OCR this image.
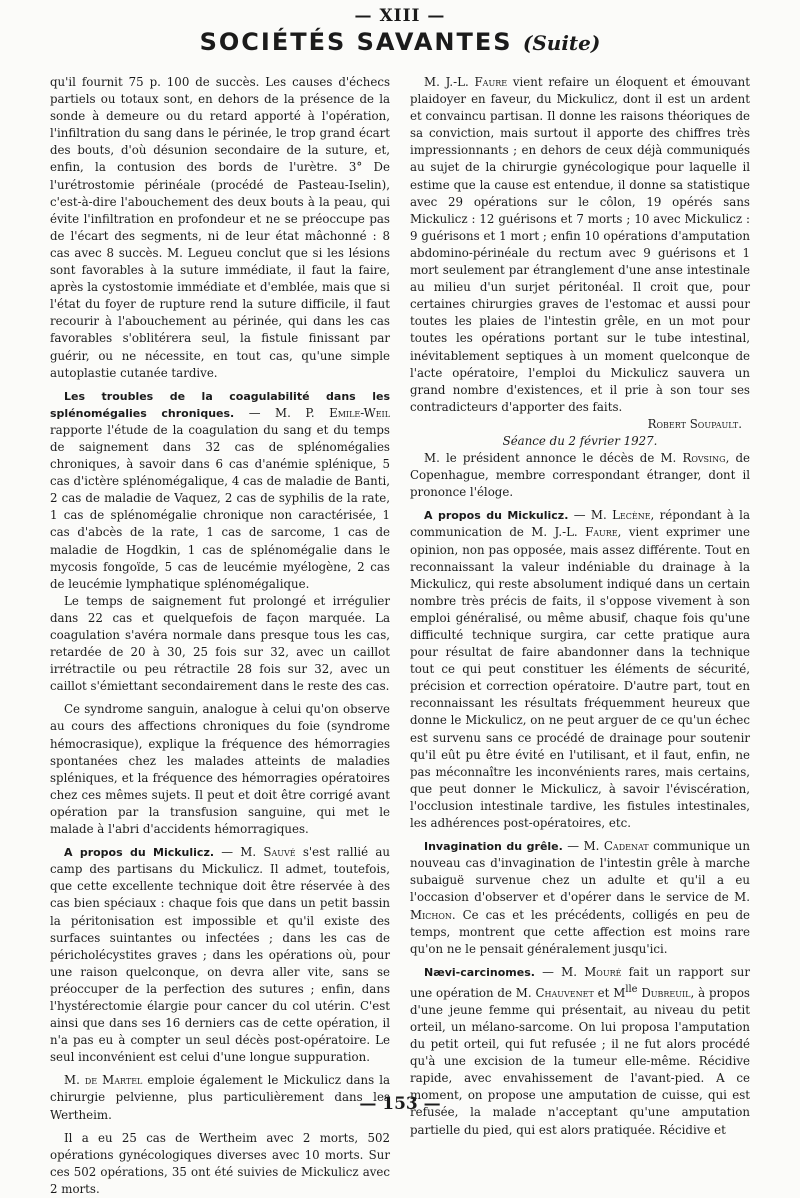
— XIII —
SOCIÉTÉS SAVANTES (Suite)

qu'il fournit 75 p. 100 de succès. Les causes d'échecs partiels ou totaux sont, en dehors de la présence de la sonde à demeure ou du retard apporté à l'opération, l'infiltration du sang dans le périnée, le trop grand écart des bouts, d'où désunion secondaire de la suture, et, enfin, la contusion des bords de l'urètre. 3° De l'urétrostomie périnéale (procédé de Pasteau-Iselin), c'est-à-dire l'abouchement des deux bouts à la peau, qui évite l'infiltration en profondeur et ne se préoccupe pas de l'écart des segments, ni de leur état mâchonné : 8 cas avec 8 succès. M. Legueu conclut que si les lésions sont favorables à la suture immédiate, il faut la faire, après la cystostomie immédiate et d'emblée, mais que si l'état du foyer de rupture rend la suture difficile, il faut recourir à l'abouchement au périnée, qui dans les cas favorables s'oblitérera seul, la fistule finissant par guérir, ou ne nécessite, en tout cas, qu'une simple autoplastie cutanée tardive.

Les troubles de la coagulabilité dans les splénomégalies chroniques. — M. P. Emile-Weil rapporte l'étude de la coagulation du sang et du temps de saignement dans 32 cas de splénomégalies chroniques, à savoir dans 6 cas d'anémie splénique, 5 cas d'ictère splénomégalique, 4 cas de maladie de Banti, 2 cas de maladie de Vaquez, 2 cas de syphilis de la rate, 1 cas de splénomégalie chronique non caractérisée, 1 cas d'abcès de la rate, 1 cas de sarcome, 1 cas de maladie de Hogdkin, 1 cas de splénomégalie dans le mycosis fongoïde, 5 cas de leucémie myélogène, 2 cas de leucémie lymphatique splénomégalique.

Le temps de saignement fut prolongé et irrégulier dans 22 cas et quelquefois de façon marquée. La coagulation s'avéra normale dans presque tous les cas, retardée de 20 à 30, 25 fois sur 32, avec un caillot irrétractile ou peu rétractile 28 fois sur 32, avec un caillot s'émiettant secondairement dans le reste des cas.

Ce syndrome sanguin, analogue à celui qu'on observe au cours des affections chroniques du foie (syndrome hémocrasique), explique la fréquence des hémorragies spontanées chez les malades atteints de maladies spléniques, et la fréquence des hémorragies opératoires chez ces mêmes sujets. Il peut et doit être corrigé avant opération par la transfusion sanguine, qui met le malade à l'abri d'accidents hémorragiques.

A propos du Mickulicz. — M. Sauvé s'est rallié au camp des partisans du Mickulicz. Il admet, toutefois, que cette excellente technique doit être réservée à des cas bien spéciaux : chaque fois que dans un petit bassin la péritonisation est impossible et qu'il existe des surfaces suintantes ou infectées ; dans les cas de péricholécystites graves ; dans les opérations où, pour une raison quelconque, on devra aller vite, sans se préoccuper de la perfection des sutures ; enfin, dans l'hystérectomie élargie pour cancer du col utérin. C'est ainsi que dans ses 16 derniers cas de cette opération, il n'a pas eu à compter un seul décès post-opératoire. Le seul inconvénient est celui d'une longue suppuration.

M. de Martel emploie également le Mickulicz dans la chirurgie pelvienne, plus particulièrement dans les Wertheim.

Il a eu 25 cas de Wertheim avec 2 morts, 502 opérations gynécologiques diverses avec 10 morts. Sur ces 502 opérations, 35 ont été suivies de Mickulicz avec 2 morts.

M. J.-L. Faure vient refaire un éloquent et émouvant plaidoyer en faveur, du Mickulicz, dont il est un ardent et convaincu partisan. Il donne les raisons théoriques de sa conviction, mais surtout il apporte des chiffres très impressionnants ; en dehors de ceux déjà communiqués au sujet de la chirurgie gynécologique pour laquelle il estime que la cause est entendue, il donne sa statistique avec 29 opérations sur le côlon, 19 opérés sans Mickulicz : 12 guérisons et 7 morts ; 10 avec Mickulicz : 9 guérisons et 1 mort ; enfin 10 opérations d'amputation abdomino-périnéale du rectum avec 9 guérisons et 1 mort seulement par étranglement d'une anse intestinale au milieu d'un surjet péritonéal. Il croit que, pour certaines chirurgies graves de l'estomac et aussi pour toutes les plaies de l'intestin grêle, en un mot pour toutes les opérations portant sur le tube intestinal, inévitablement septiques à un moment quelconque de l'acte opératoire, l'emploi du Mickulicz sauvera un grand nombre d'existences, et il prie à son tour ses contradicteurs d'apporter des faits.

Robert Soupault.

Séance du 2 février 1927.

M. le président annonce le décès de M. Rovsing, de Copenhague, membre correspondant étranger, dont il prononce l'éloge.

A propos du Mickulicz. — M. Lecène, répondant à la communication de M. J.-L. Faure, vient exprimer une opinion, non pas opposée, mais assez différente. Tout en reconnaissant la valeur indéniable du drainage à la Mickulicz, qui reste absolument indiqué dans un certain nombre très précis de faits, il s'oppose vivement à son emploi généralisé, ou même abusif, chaque fois qu'une difficulté technique surgira, car cette pratique aura pour résultat de faire abandonner dans la technique tout ce qui peut constituer les éléments de sécurité, précision et correction opératoire. D'autre part, tout en reconnaissant les résultats fréquemment heureux que donne le Mickulicz, on ne peut arguer de ce qu'un échec est survenu sans ce procédé de drainage pour soutenir qu'il eût pu être évité en l'utilisant, et il faut, enfin, ne pas méconnaître les inconvénients rares, mais certains, que peut donner le Mickulicz, à savoir l'éviscération, l'occlusion intestinale tardive, les fistules intestinales, les adhérences post-opératoires, etc.

Invagination du grêle. — M. Cadenat communique un nouveau cas d'invagination de l'intestin grêle à marche subaiguë survenue chez un adulte et qu'il a eu l'occasion d'observer et d'opérer dans le service de M. Michon. Ce cas et les précédents, colligés en peu de temps, montrent que cette affection est moins rare qu'on ne le pensait généralement jusqu'ici.

Nævi-carcinomes. — M. Mouré fait un rapport sur une opération de M. Chauvenet et $M^{lle}$ Dubreuil, à propos d'une jeune femme qui présentait, au niveau du petit orteil, un mélano-sarcome. On lui proposa l'amputation du petit orteil, qui fut refusée ; il ne fut alors procédé qu'à une excision de la tumeur elle-même. Récidive rapide, avec envahissement de l'avant-pied. A ce moment, on propose une amputation de cuisse, qui est refusée, la malade n'acceptant qu'une amputation partielle du pied, qui est alors pratiquée. Récidive et

— 153 —
